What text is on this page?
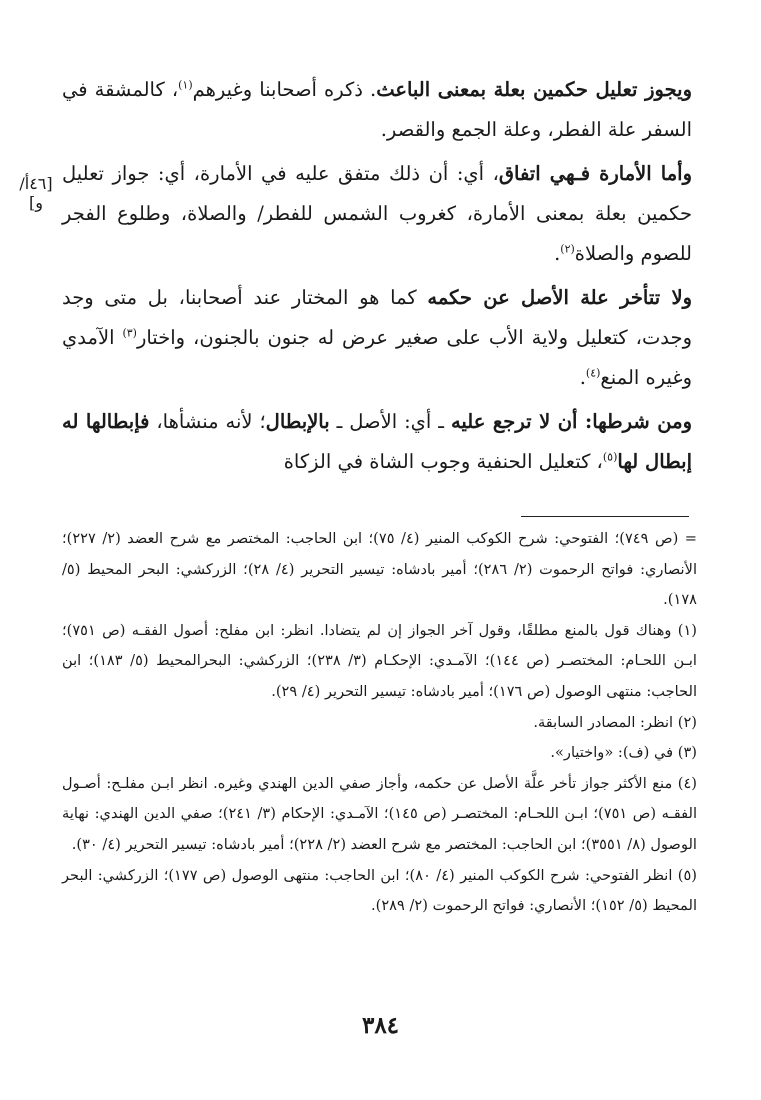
ويجوز تعليل حكمين بعلة بمعنى الباعث. ذكره أصحابنا وغيرهم$^{(١)}$، كالمشقة في السفر علة الفطر، وعلة الجمع والقصر.

وأما الأمارة فـهي اتفاق، أي: أن ذلك متفق عليه في الأمارة، أي: جواز تعليل حكمين بعلة بمعنى الأمارة، كغروب الشمس للفطر/ والصلاة، وطلوع الفجر للصوم والصلاة$^{(٢)}$.

ولا تتأخر علة الأصل عن حكمه كما هو المختار عند أصحابنا، بل متى وجد وجدت، كتعليل ولاية الأب على صغير عرض له جنون بالجنون، واختار$^{(٣)}$ الآمدي وغيره المنع$^{(٤)}$.

ومن شرطها: أن لا ترجع عليه ـ أي: الأصل ـ بالإبطال؛ لأنه منشأها، فإبطالها له إبطال لها$^{(٥)}$، كتعليل الحنفية وجوب الشاة في الزكاة

[٤٦أ/ و]

= (ص ٧٤٩)؛ الفتوحي: شرح الكوكب المنير (٤/ ٧٥)؛ ابن الحاجب: المختصر مع شرح العضد (٢/ ٢٢٧)؛ الأنصاري: فواتح الرحموت (٢/ ٢٨٦)؛ أمير بادشاه: تيسير التحرير (٤/ ٢٨)؛ الزركشي: البحر المحيط (٥/ ١٧٨).

(١) وهناك قول بالمنع مطلقًا، وقول آخر الجواز إن لم يتضادا. انظر: ابن مفلح: أصول الفقـه (ص ٧٥١)؛ ابـن اللحـام: المختصـر (ص ١٤٤)؛ الآمـدي: الإحكـام (٣/ ٢٣٨)؛ الزركشي: البحرالمحيط (٥/ ١٨٣)؛ ابن الحاجب: منتهى الوصول (ص ١٧٦)؛ أمير بادشاه: تيسير التحرير (٤/ ٢٩).

(٢) انظر: المصادر السابقة.

(٣) في (ف): «واختيار».

(٤) منع الأكثر جواز تأخر علَّة الأصل عن حكمه، وأجاز صفي الدين الهندي وغيره. انظر ابـن مفلـح: أصـول الفقـه (ص ٧٥١)؛ ابـن اللحـام: المختصـر (ص ١٤٥)؛ الآمـدي: الإحكام (٣/ ٢٤١)؛ صفي الدين الهندي: نهاية الوصول (٨/ ٣٥٥١)؛ ابن الحاجب: المختصر مع شرح العضد (٢/ ٢٢٨)؛ أمير بادشاه: تيسير التحرير (٤/ ٣٠).

(٥) انظر الفتوحي: شرح الكوكب المنير (٤/ ٨٠)؛ ابن الحاجب: منتهى الوصول (ص ١٧٧)؛ الزركشي: البحر المحيط (٥/ ١٥٢)؛ الأنصاري: فواتح الرحموت (٢/ ٢٨٩).

٣٨٤
